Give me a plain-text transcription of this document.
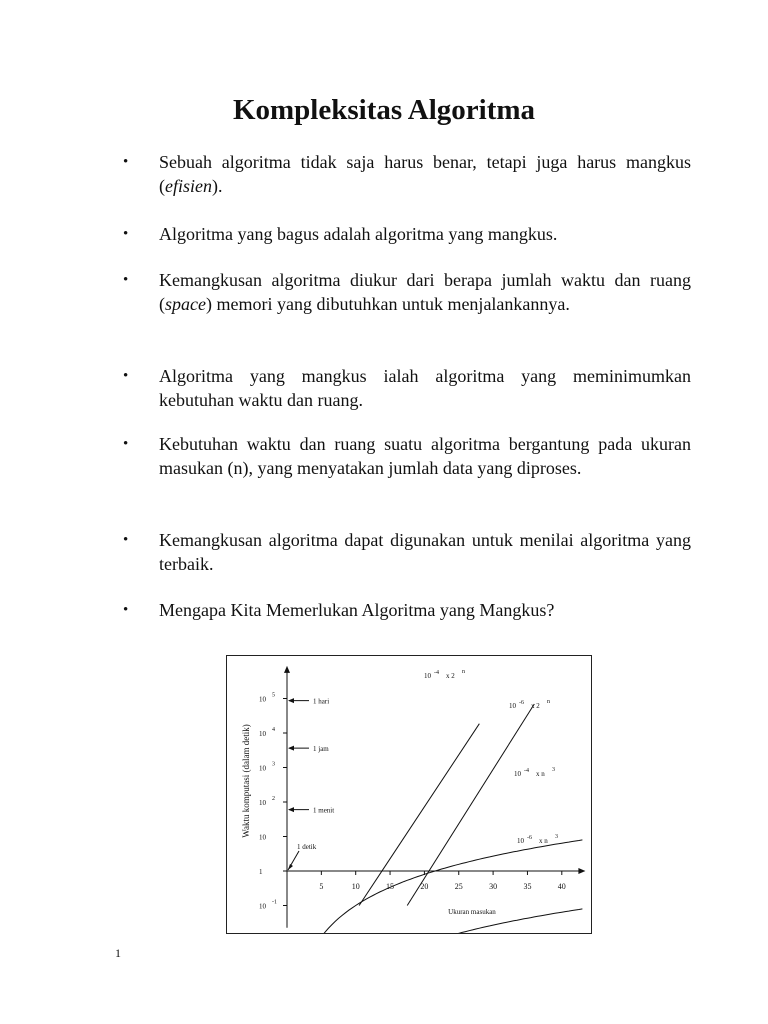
Kompleksitas Algoritma
•	Sebuah algoritma tidak saja harus benar, tetapi juga harus mangkus (efisien).
•	Algoritma yang bagus adalah algoritma yang mangkus.
•	Kemangkusan algoritma diukur dari berapa jumlah waktu dan ruang (space) memori yang dibutuhkan untuk menjalankannya.
•	Algoritma yang mangkus ialah algoritma yang meminimumkan kebutuhan waktu dan ruang.
•	Kebutuhan waktu dan ruang suatu algoritma bergantung pada ukuran masukan (n), yang menyatakan jumlah data yang diproses.
•	Kemangkusan algoritma dapat digunakan untuk menilai algoritma yang terbaik.
•	Mengapa Kita Memerlukan Algoritma yang Mangkus?
5	10	15	20	25	30	35	40
10 5
10 4
10 3
10 2
10
1
10 -1
1 hari
1 jam
1 menit
1 detik
10 -4 x 2 n
10 -6 x 2 n
10 -4 x n 3
10 -6 x n 3
Ukuran masukan
Waktu komputasi (dalam detik)
1
